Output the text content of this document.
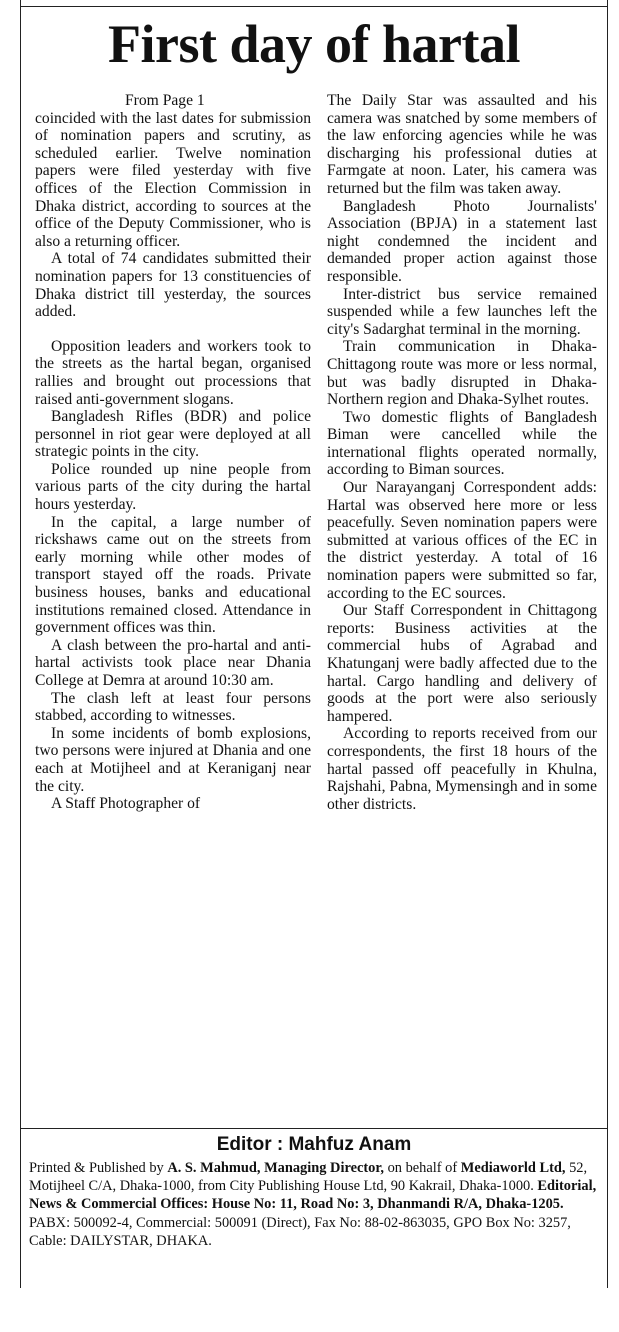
First day of hartal

From Page 1

coincided with the last dates for submission of nomination papers and scrutiny, as scheduled earlier. Twelve nomination papers were filed yesterday with five offices of the Election Commission in Dhaka district, according to sources at the office of the Deputy Commissioner, who is also a returning officer.

A total of 74 candidates submitted their nomination papers for 13 constituencies of Dhaka district till yesterday, the sources added.

Opposition leaders and workers took to the streets as the hartal began, organised rallies and brought out processions that raised anti-government slogans.

Bangladesh Rifles (BDR) and police personnel in riot gear were deployed at all strategic points in the city.

Police rounded up nine people from various parts of the city during the hartal hours yesterday.

In the capital, a large number of rickshaws came out on the streets from early morning while other modes of transport stayed off the roads. Private business houses, banks and educational institutions remained closed. Attendance in government offices was thin.

A clash between the pro-hartal and anti-hartal activists took place near Dhania College at Demra at around 10:30 am.

The clash left at least four persons stabbed, according to witnesses.

In some incidents of bomb explosions, two persons were injured at Dhania and one each at Motijheel and at Keraniganj near the city.

A Staff Photographer of

The Daily Star was assaulted and his camera was snatched by some members of the law enforcing agencies while he was discharging his professional duties at Farmgate at noon. Later, his camera was returned but the film was taken away.

Bangladesh Photo Journalists' Association (BPJA) in a statement last night condemned the incident and demanded proper action against those responsible.

Inter-district bus service remained suspended while a few launches left the city's Sadarghat terminal in the morning.

Train communication in Dhaka-Chittagong route was more or less normal, but was badly disrupted in Dhaka-Northern region and Dhaka-Sylhet routes.

Two domestic flights of Bangladesh Biman were cancelled while the international flights operated normally, according to Biman sources.

Our Narayanganj Correspondent adds: Hartal was observed here more or less peacefully. Seven nomination papers were submitted at various offices of the EC in the district yesterday. A total of 16 nomination papers were submitted so far, according to the EC sources.

Our Staff Correspondent in Chittagong reports: Business activities at the commercial hubs of Agrabad and Khatunganj were badly affected due to the hartal. Cargo handling and delivery of goods at the port were also seriously hampered.

According to reports received from our correspondents, the first 18 hours of the hartal passed off peacefully in Khulna, Rajshahi, Pabna, Mymensingh and in some other districts.

Editor : Mahfuz Anam

Printed & Published by A. S. Mahmud, Managing Director, on behalf of Mediaworld Ltd, 52, Motijheel C/A, Dhaka-1000, from City Publishing House Ltd, 90 Kakrail, Dhaka-1000. Editorial, News & Commercial Offices: House No: 11, Road No: 3, Dhanmandi R/A, Dhaka-1205. PABX: 500092-4, Commercial: 500091 (Direct), Fax No: 88-02-863035, GPO Box No: 3257, Cable: DAILYSTAR, DHAKA.
